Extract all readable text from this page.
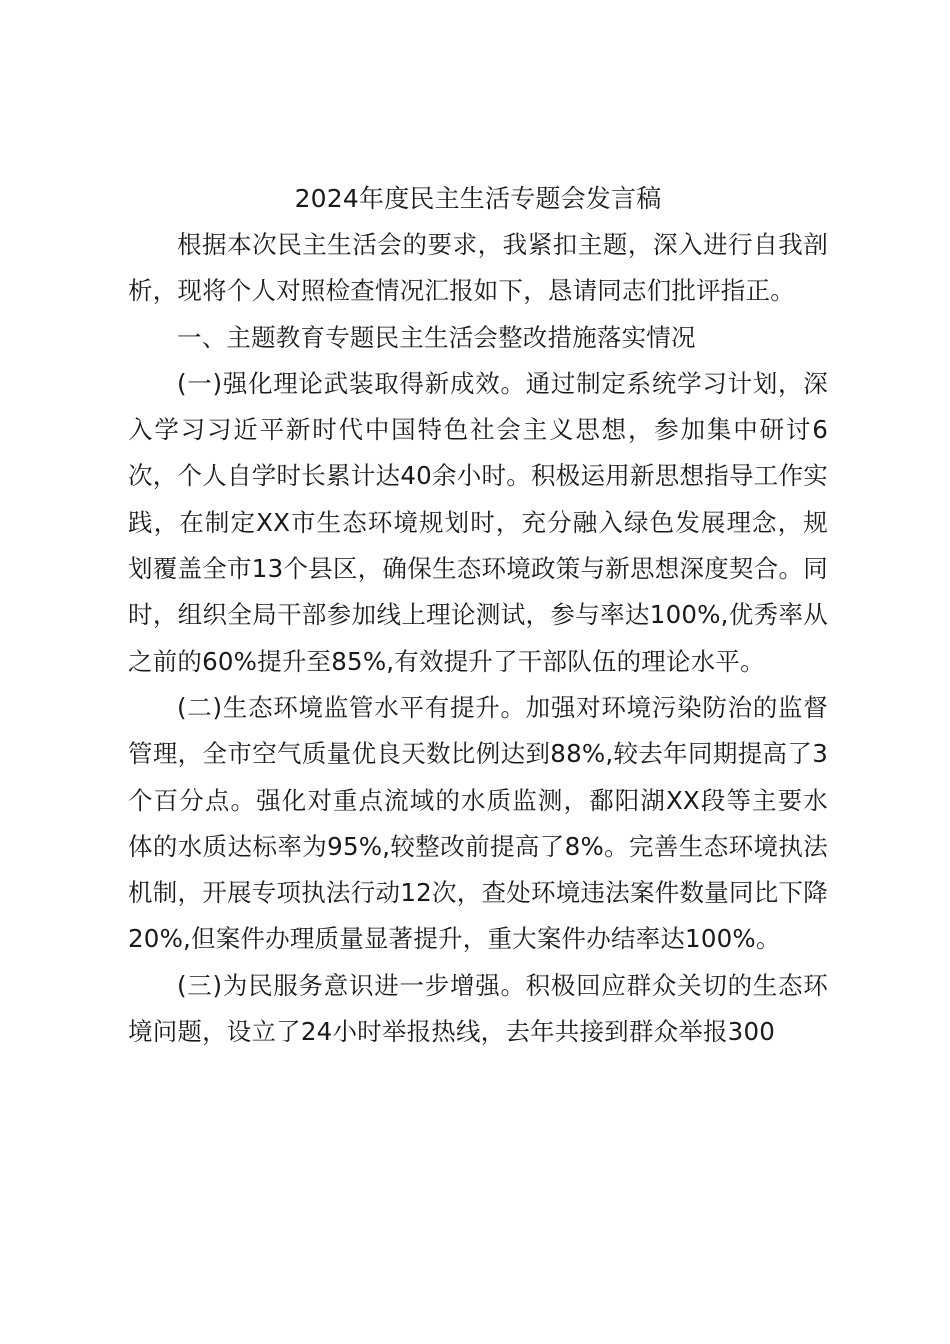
2024年度民主生活专题会发言稿

根据本次民主生活会的要求，我紧扣主题，深入进行自我剖析，现将个人对照检查情况汇报如下，恳请同志们批评指正。

一、主题教育专题民主生活会整改措施落实情况

(一)强化理论武装取得新成效。通过制定系统学习计划，深入学习习近平新时代中国特色社会主义思想，参加集中研讨6次，个人自学时长累计达40余小时。积极运用新思想指导工作实践，在制定XX市生态环境规划时，充分融入绿色发展理念，规划覆盖全市13个县区，确保生态环境政策与新思想深度契合。同时，组织全局干部参加线上理论测试，参与率达100%,优秀率从之前的60%提升至85%,有效提升了干部队伍的理论水平。

(二)生态环境监管水平有提升。加强对环境污染防治的监督管理，全市空气质量优良天数比例达到88%,较去年同期提高了3个百分点。强化对重点流域的水质监测，鄱阳湖XX段等主要水体的水质达标率为95%,较整改前提高了8%。完善生态环境执法机制，开展专项执法行动12次，查处环境违法案件数量同比下降20%,但案件办理质量显著提升，重大案件办结率达100%。

(三)为民服务意识进一步增强。积极回应群众关切的生态环境问题，设立了24小时举报热线，去年共接到群众举报300
